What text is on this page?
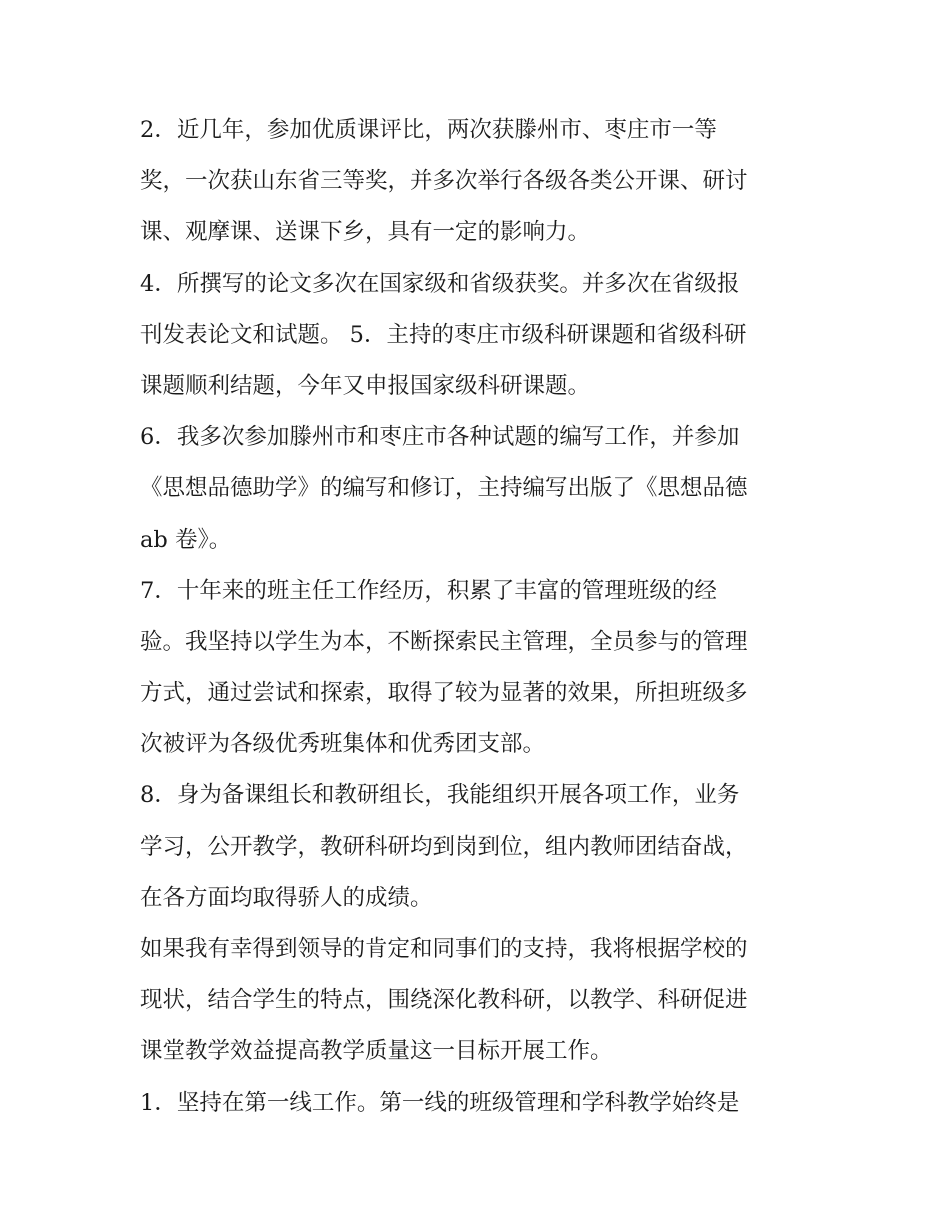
2．近几年，参加优质课评比，两次获滕州市、枣庄市一等
奖，一次获山东省三等奖，并多次举行各级各类公开课、研讨
课、观摩课、送课下乡，具有一定的影响力。
4．所撰写的论文多次在国家级和省级获奖。并多次在省级报
刊发表论文和试题。 5．主持的枣庄市级科研课题和省级科研
课题顺利结题，今年又申报国家级科研课题。
6．我多次参加滕州市和枣庄市各种试题的编写工作，并参加
《思想品德助学》的编写和修订，主持编写出版了《思想品德
ab 卷》。
7．十年来的班主任工作经历，积累了丰富的管理班级的经
验。我坚持以学生为本，不断探索民主管理，全员参与的管理
方式，通过尝试和探索，取得了较为显著的效果，所担班级多
次被评为各级优秀班集体和优秀团支部。
8．身为备课组长和教研组长，我能组织开展各项工作，业务
学习，公开教学，教研科研均到岗到位，组内教师团结奋战，
在各方面均取得骄人的成绩。
如果我有幸得到领导的肯定和同事们的支持，我将根据学校的
现状，结合学生的特点，围绕深化教科研，以教学、科研促进
课堂教学效益提高教学质量这一目标开展工作。
1．坚持在第一线工作。第一线的班级管理和学科教学始终是
